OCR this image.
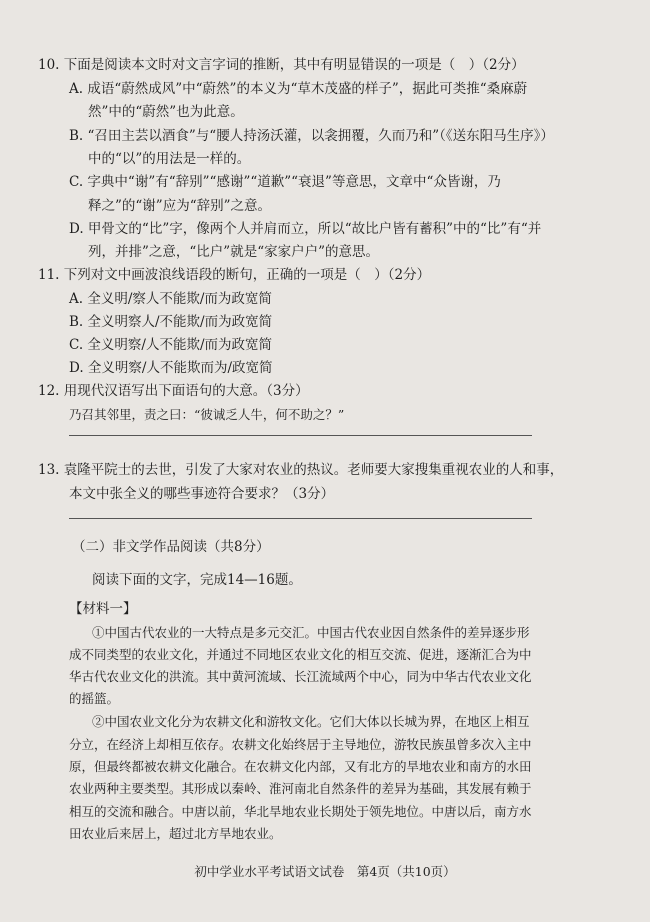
10. 下面是阅读本文时对文言字词的推断，其中有明显错误的一项是（　）（2分）
A. 成语“蔚然成风”中“蔚然”的本义为“草木茂盛的样子”，据此可类推“桑麻蔚
然”中的“蔚然”也为此意。
B. “召田主芸以酒食”与“腰人持汤沃灌，以衾拥覆，久而乃和”（《送东阳马生序》）
中的“以”的用法是一样的。
C. 字典中“谢”有“辞别”“感谢”“道歉”“衰退”等意思，文章中“众皆谢，乃
释之”的“谢”应为“辞别”之意。
D. 甲骨文的“比”字，像两个人并肩而立，所以“故比户皆有蓄积”中的“比”有“并
列，并排”之意，“比户”就是“家家户户”的意思。
11. 下列对文中画波浪线语段的断句，正确的一项是（　）（2分）
A. 全义明/察人不能欺/而为政宽简
B. 全义明察人/不能欺/而为政宽简
C. 全义明察/人不能欺/而为政宽简
D. 全义明察/人不能欺而为/政宽简
12. 用现代汉语写出下面语句的大意。（3分）
乃召其邻里，责之曰：“彼诚乏人牛，何不助之？”
13. 袁隆平院士的去世，引发了大家对农业的热议。老师要大家搜集重视农业的人和事，
本文中张全义的哪些事迹符合要求？（3分）
（二）非文学作品阅读（共8分）
阅读下面的文字，完成14—16题。
【材料一】
①中国古代农业的一大特点是多元交汇。中国古代农业因自然条件的差异逐步形
成不同类型的农业文化，并通过不同地区农业文化的相互交流、促进，逐渐汇合为中
华古代农业文化的洪流。其中黄河流域、长江流域两个中心，同为中华古代农业文化
的摇篮。
②中国农业文化分为农耕文化和游牧文化。它们大体以长城为界，在地区上相互
分立，在经济上却相互依存。农耕文化始终居于主导地位，游牧民族虽曾多次入主中
原，但最终都被农耕文化融合。在农耕文化内部，又有北方的旱地农业和南方的水田
农业两种主要类型。其形成以秦岭、淮河南北自然条件的差异为基础，其发展有赖于
相互的交流和融合。中唐以前，华北旱地农业长期处于领先地位。中唐以后，南方水
田农业后来居上，超过北方旱地农业。
初中学业水平考试语文试卷　第4页（共10页）
